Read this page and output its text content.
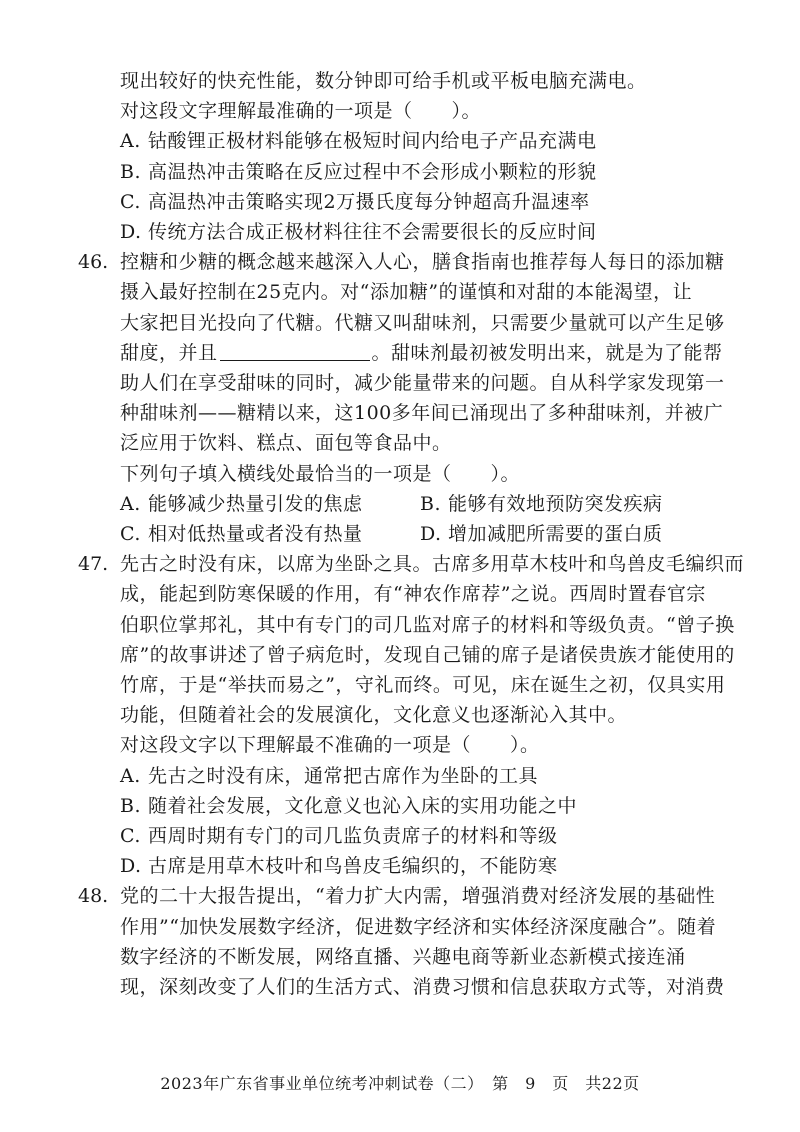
现出较好的快充性能，数分钟即可给手机或平板电脑充满电。
对这段文字理解最准确的一项是（　　）。
A. 钴酸锂正极材料能够在极短时间内给电子产品充满电
B. 高温热冲击策略在反应过程中不会形成小颗粒的形貌
C. 高温热冲击策略实现2万摄氏度每分钟超高升温速率
D. 传统方法合成正极材料往往不会需要很长的反应时间
46. 控糖和少糖的概念越来越深入人心，膳食指南也推荐每人每日的添加糖
摄入最好控制在25克内。对“添加糖”的谨慎和对甜的本能渴望，让
大家把目光投向了代糖。代糖又叫甜味剂，只需要少量就可以产生足够
甜度，并且	。甜味剂最初被发明出来，就是为了能帮
助人们在享受甜味的同时，减少能量带来的问题。自从科学家发现第一
种甜味剂——糖精以来，这100多年间已涌现出了多种甜味剂，并被广
泛应用于饮料、糕点、面包等食品中。
下列句子填入横线处最恰当的一项是（　　）。
A. 能够减少热量引发的焦虑	B. 能够有效地预防突发疾病
C. 相对低热量或者没有热量	D. 增加减肥所需要的蛋白质
47. 先古之时没有床，以席为坐卧之具。古席多用草木枝叶和鸟兽皮毛编织而
成，能起到防寒保暖的作用，有“神农作席荐”之说。西周时置春官宗
伯职位掌邦礼，其中有专门的司几监对席子的材料和等级负责。“曾子换
席”的故事讲述了曾子病危时，发现自己铺的席子是诸侯贵族才能使用的
竹席，于是“举扶而易之”，守礼而终。可见，床在诞生之初，仅具实用
功能，但随着社会的发展演化，文化意义也逐渐沁入其中。
对这段文字以下理解最不准确的一项是（　　）。
A. 先古之时没有床，通常把古席作为坐卧的工具
B. 随着社会发展，文化意义也沁入床的实用功能之中
C. 西周时期有专门的司几监负责席子的材料和等级
D. 古席是用草木枝叶和鸟兽皮毛编织的，不能防寒
48. 党的二十大报告提出，“着力扩大内需，增强消费对经济发展的基础性
作用”“加快发展数字经济，促进数字经济和实体经济深度融合”。随着
2023年广东省事业单位统考冲刺试卷（二）　第　9　页　共22页
数字经济的不断发展，网络直播、兴趣电商等新业态新模式接连涌
现，深刻改变了人们的生活方式、消费习惯和信息获取方式等，对消费
